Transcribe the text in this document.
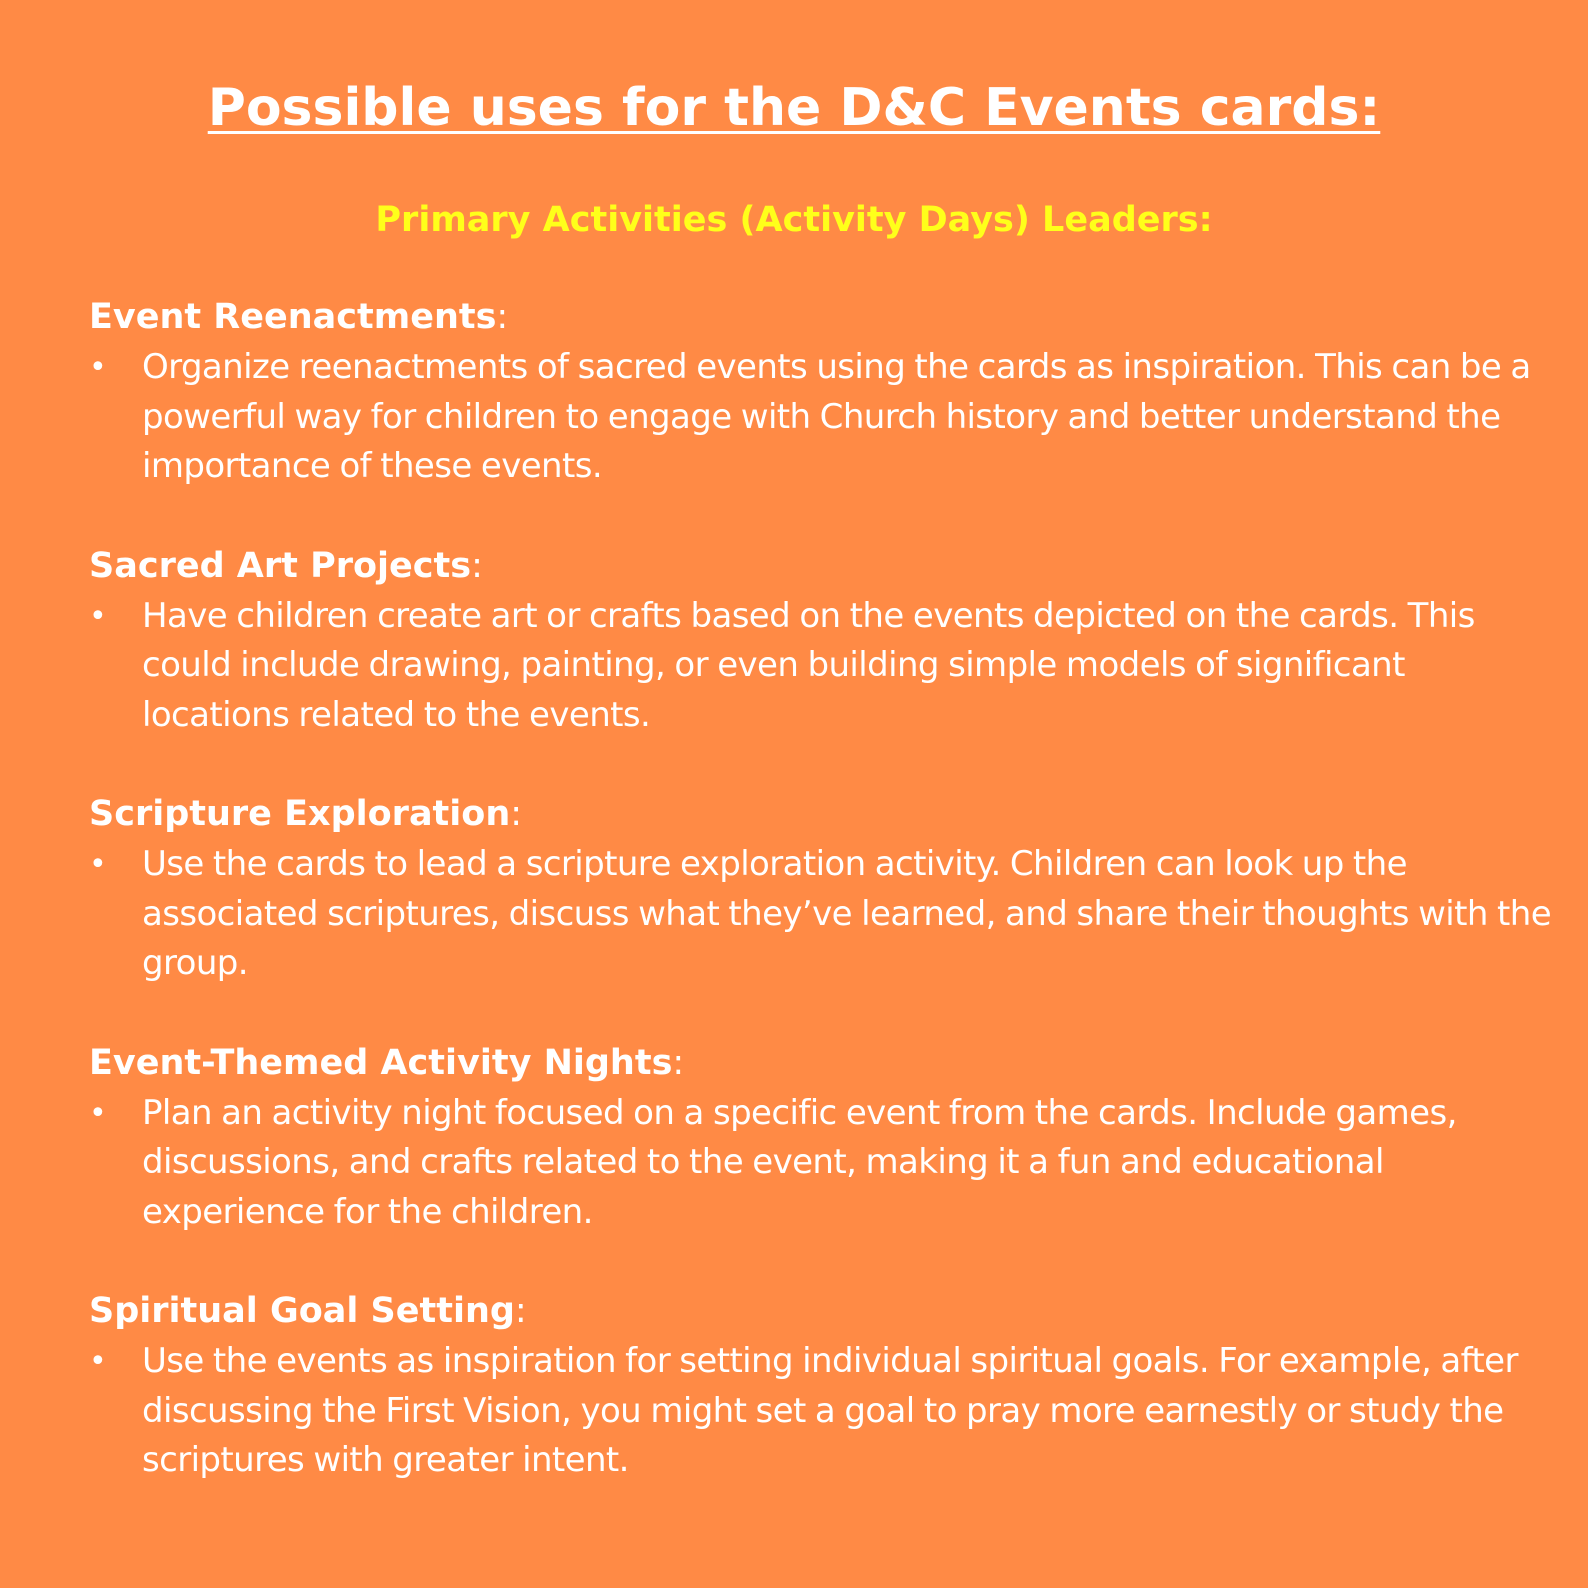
Possible uses for the D&C Events cards:
Primary Activities (Activity Days) Leaders:
Event Reenactments:
• Organize reenactments of sacred events using the cards as inspiration. This can be a powerful way for children to engage with Church history and better understand the importance of these events.
Sacred Art Projects:
• Have children create art or crafts based on the events depicted on the cards. This could include drawing, painting, or even building simple models of significant locations related to the events.
Scripture Exploration:
• Use the cards to lead a scripture exploration activity. Children can look up the associated scriptures, discuss what they’ve learned, and share their thoughts with the group.
Event-Themed Activity Nights:
• Plan an activity night focused on a specific event from the cards. Include games, discussions, and crafts related to the event, making it a fun and educational experience for the children.
Spiritual Goal Setting:
• Use the events as inspiration for setting individual spiritual goals. For example, after discussing the First Vision, you might set a goal to pray more earnestly or study the scriptures with greater intent.
